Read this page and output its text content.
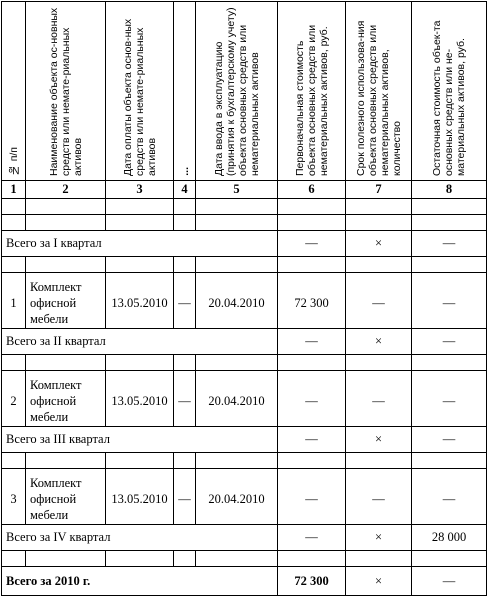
№ п/п	Наименование объекта ос-новных средств или немате-риальных активов	Дата оплаты объекта основ-ных средств или немате-риальных активов	...	Дата ввода в эксплуатацию (принятия к бухгалтерскому учету) объекта основных средств или нематериальных активов	Первоначальная стоимость объекта основных средств или нематериальных активов, руб.	Срок полезного использова-ния объекта основных средств или нематериальных активов, количество	Остаточная стоимость объек-та основных средств или не-материальных активов, руб.

1	2	3	4	5	6	7	8

Всего за I квартал					—	×	—

1	Комплект офисной мебели	13.05.2010	—	20.04.2010	72 300	—	—
Всего за II квартал					—	×	—

2	Комплект офисной мебели	13.05.2010	—	20.04.2010	—	—	—
Всего за III квартал					—	×	—

3	Комплект офисной мебели	13.05.2010	—	20.04.2010	—	—	—
Всего за IV квартал					—	×	28 000

Всего за 2010 г.					72 300	×	—
